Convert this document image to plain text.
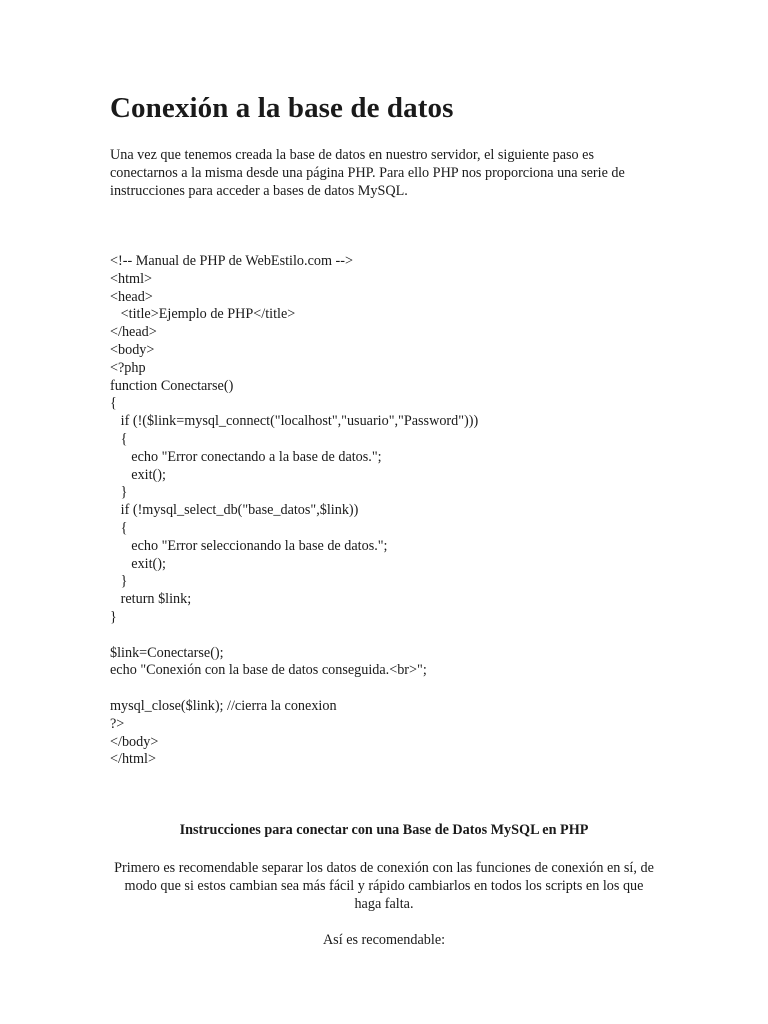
Conexión a la base de datos

Una vez que tenemos creada la base de datos en nuestro servidor, el siguiente paso es conectarnos a la misma desde una página PHP. Para ello PHP nos proporciona una serie de instrucciones para acceder a bases de datos MySQL.

<!-- Manual de PHP de WebEstilo.com -->
<html>
<head>
<title>Ejemplo de PHP</title>
</head>
<body>
<?php
function Conectarse()
{
if (!($link=mysql_connect("localhost","usuario","Password")))
{
echo "Error conectando a la base de datos.";
exit();
}
if (!mysql_select_db("base_datos",$link))
{
echo "Error seleccionando la base de datos.";
exit();
}
return $link;
}

$link=Conectarse();
echo "Conexión con la base de datos conseguida.<br>";

mysql_close($link); //cierra la conexion
?>
</body>
</html>

Instrucciones para conectar con una Base de Datos MySQL en PHP

Primero es recomendable separar los datos de conexión con las funciones de conexión en sí, de modo que si estos cambian sea más fácil y rápido cambiarlos en todos los scripts en los que haga falta.

Así es recomendable:
